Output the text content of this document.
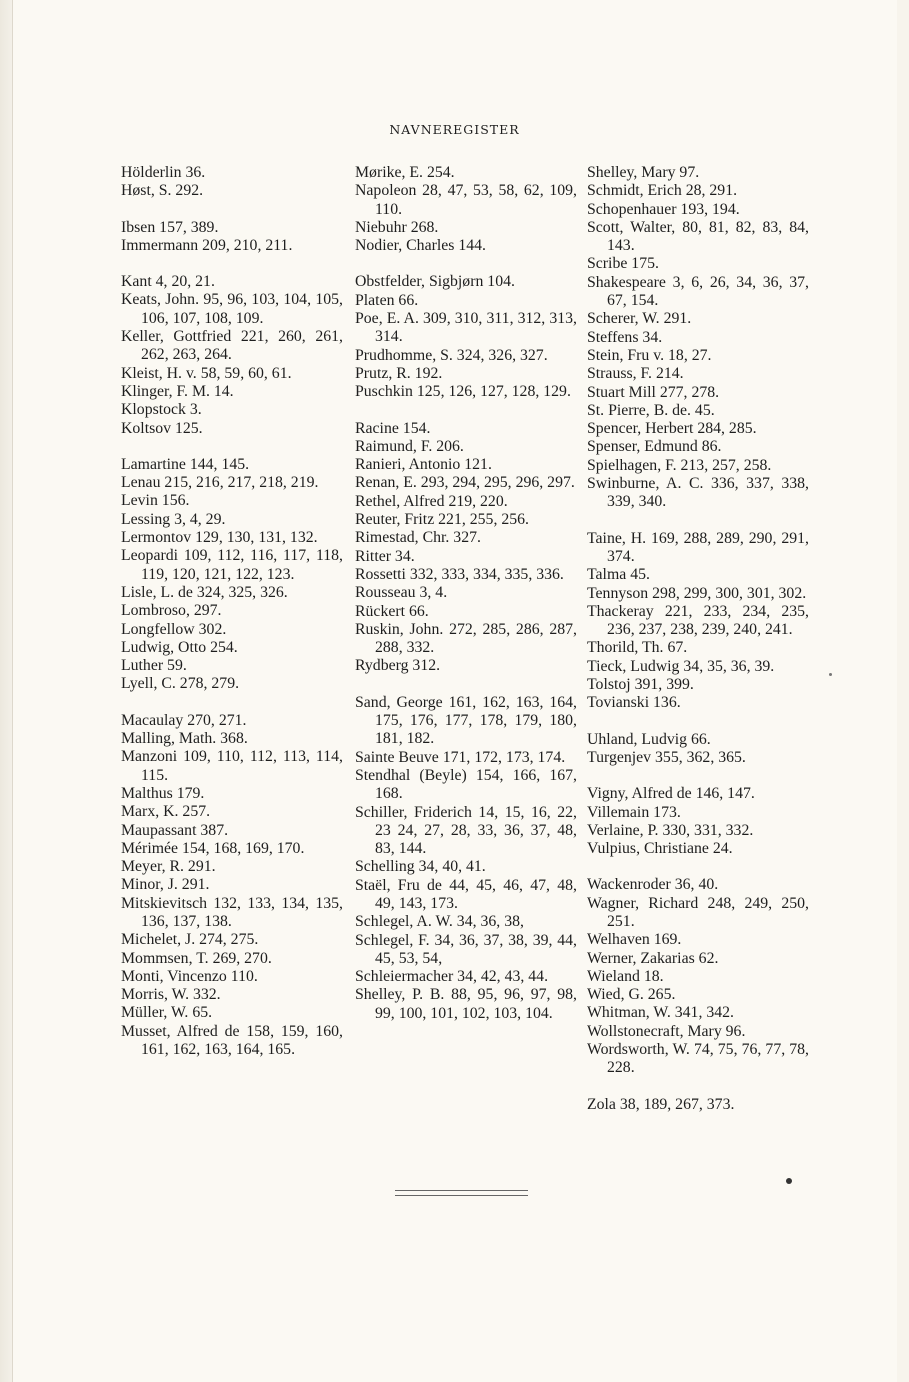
NAVNEREGISTER
Hölderlin 36.
Høst, S. 292.
Ibsen 157, 389.
Immermann 209, 210, 211.
Kant 4, 20, 21.
Keats, John. 95, 96, 103, 104, 105, 106, 107, 108, 109.
Keller, Gottfried 221, 260, 261, 262, 263, 264.
Kleist, H. v. 58, 59, 60, 61.
Klinger, F. M. 14.
Klopstock 3.
Koltsov 125.
Lamartine 144, 145.
Lenau 215, 216, 217, 218, 219.
Levin 156.
Lessing 3, 4, 29.
Lermontov 129, 130, 131, 132.
Leopardi 109, 112, 116, 117, 118, 119, 120, 121, 122, 123.
Lisle, L. de 324, 325, 326.
Lombroso, 297.
Longfellow 302.
Ludwig, Otto 254.
Luther 59.
Lyell, C. 278, 279.
Macaulay 270, 271.
Malling, Math. 368.
Manzoni 109, 110, 112, 113, 114, 115.
Malthus 179.
Marx, K. 257.
Maupassant 387.
Mérimée 154, 168, 169, 170.
Meyer, R. 291.
Minor, J. 291.
Mitskievitsch 132, 133, 134, 135, 136, 137, 138.
Michelet, J. 274, 275.
Mommsen, T. 269, 270.
Monti, Vincenzo 110.
Morris, W. 332.
Müller, W. 65.
Musset, Alfred de 158, 159, 160, 161, 162, 163, 164, 165.
Mørike, E. 254.
Napoleon 28, 47, 53, 58, 62, 109, 110.
Niebuhr 268.
Nodier, Charles 144.
Obstfelder, Sigbjørn 104.
Platen 66.
Poe, E. A. 309, 310, 311, 312, 313, 314.
Prudhomme, S. 324, 326, 327.
Prutz, R. 192.
Puschkin 125, 126, 127, 128, 129.
Racine 154.
Raimund, F. 206.
Ranieri, Antonio 121.
Renan, E. 293, 294, 295, 296, 297.
Rethel, Alfred 219, 220.
Reuter, Fritz 221, 255, 256.
Rimestad, Chr. 327.
Ritter 34.
Rossetti 332, 333, 334, 335, 336.
Rousseau 3, 4.
Rückert 66.
Ruskin, John. 272, 285, 286, 287, 288, 332.
Rydberg 312.
Sand, George 161, 162, 163, 164, 175, 176, 177, 178, 179, 180, 181, 182.
Sainte Beuve 171, 172, 173, 174.
Stendhal (Beyle) 154, 166, 167, 168.
Schiller, Friderich 14, 15, 16, 22, 23 24, 27, 28, 33, 36, 37, 48, 83, 144.
Schelling 34, 40, 41.
Staël, Fru de 44, 45, 46, 47, 48, 49, 143, 173.
Schlegel, A. W. 34, 36, 38,
Schlegel, F. 34, 36, 37, 38, 39, 44, 45, 53, 54,
Schleiermacher 34, 42, 43, 44.
Shelley, P. B. 88, 95, 96, 97, 98, 99, 100, 101, 102, 103, 104.
Shelley, Mary 97.
Schmidt, Erich 28, 291.
Schopenhauer 193, 194.
Scott, Walter, 80, 81, 82, 83, 84, 143.
Scribe 175.
Shakespeare 3, 6, 26, 34, 36, 37, 67, 154.
Scherer, W. 291.
Steffens 34.
Stein, Fru v. 18, 27.
Strauss, F. 214.
Stuart Mill 277, 278.
St. Pierre, B. de. 45.
Spencer, Herbert 284, 285.
Spenser, Edmund 86.
Spielhagen, F. 213, 257, 258.
Swinburne, A. C. 336, 337, 338, 339, 340.
Taine, H. 169, 288, 289, 290, 291, 374.
Talma 45.
Tennyson 298, 299, 300, 301, 302.
Thackeray 221, 233, 234, 235, 236, 237, 238, 239, 240, 241.
Thorild, Th. 67.
Tieck, Ludwig 34, 35, 36, 39.
Tolstoj 391, 399.
Tovianski 136.
Uhland, Ludvig 66.
Turgenjev 355, 362, 365.
Vigny, Alfred de 146, 147.
Villemain 173.
Verlaine, P. 330, 331, 332.
Vulpius, Christiane 24.
Wackenroder 36, 40.
Wagner, Richard 248, 249, 250, 251.
Welhaven 169.
Werner, Zakarias 62.
Wieland 18.
Wied, G. 265.
Whitman, W. 341, 342.
Wollstonecraft, Mary 96.
Wordsworth, W. 74, 75, 76, 77, 78, 228.
Zola 38, 189, 267, 373.
